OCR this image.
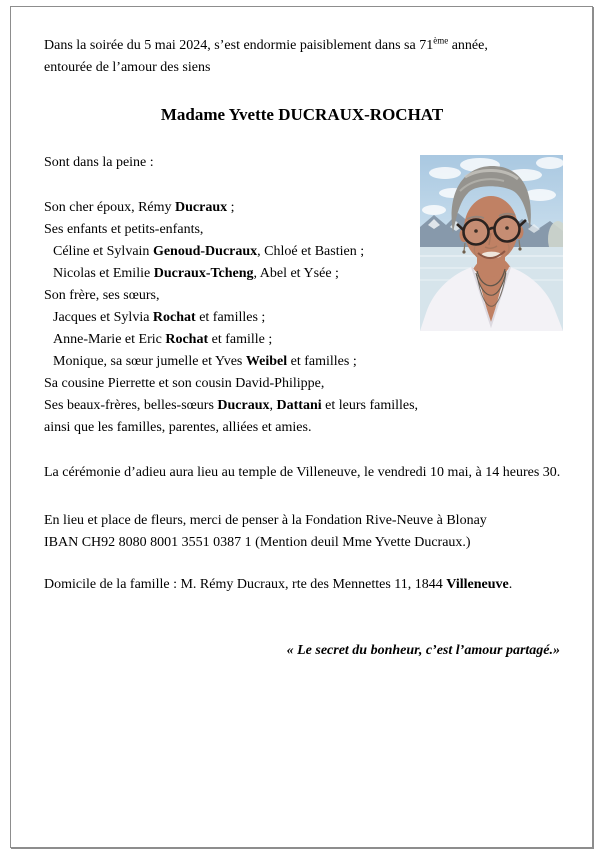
Dans la soirée du 5 mai 2024, s’est endormie paisiblement dans sa 71ème année,

entourée de l’amour des siens

Madame Yvette DUCRAUX-ROCHAT

Sont dans la peine :

Son cher époux, Rémy Ducraux ;

Ses enfants et petits-enfants,

Céline et Sylvain Genoud-Ducraux, Chloé et Bastien ;

Nicolas et Emilie Ducraux-Tcheng, Abel et Ysée ;

Son frère, ses sœurs,

Jacques et Sylvia Rochat et familles ;

Anne-Marie et Eric Rochat et famille ;

Monique, sa sœur jumelle et Yves Weibel et familles ;

Sa cousine Pierrette et son cousin David-Philippe,

Ses beaux-frères, belles-sœurs Ducraux, Dattani et leurs familles,

ainsi que les familles, parentes, alliées et amies.

La cérémonie d’adieu aura lieu au temple de Villeneuve, le vendredi 10 mai, à 14 heures 30.

En lieu et place de fleurs, merci de penser à la Fondation Rive-Neuve à Blonay

IBAN CH92 8080 8001 3551 0387 1 (Mention deuil Mme Yvette Ducraux.)

Domicile de la famille : M. Rémy Ducraux, rte des Mennettes 11, 1844 Villeneuve.

« Le secret du bonheur, c’est l’amour partagé.»
